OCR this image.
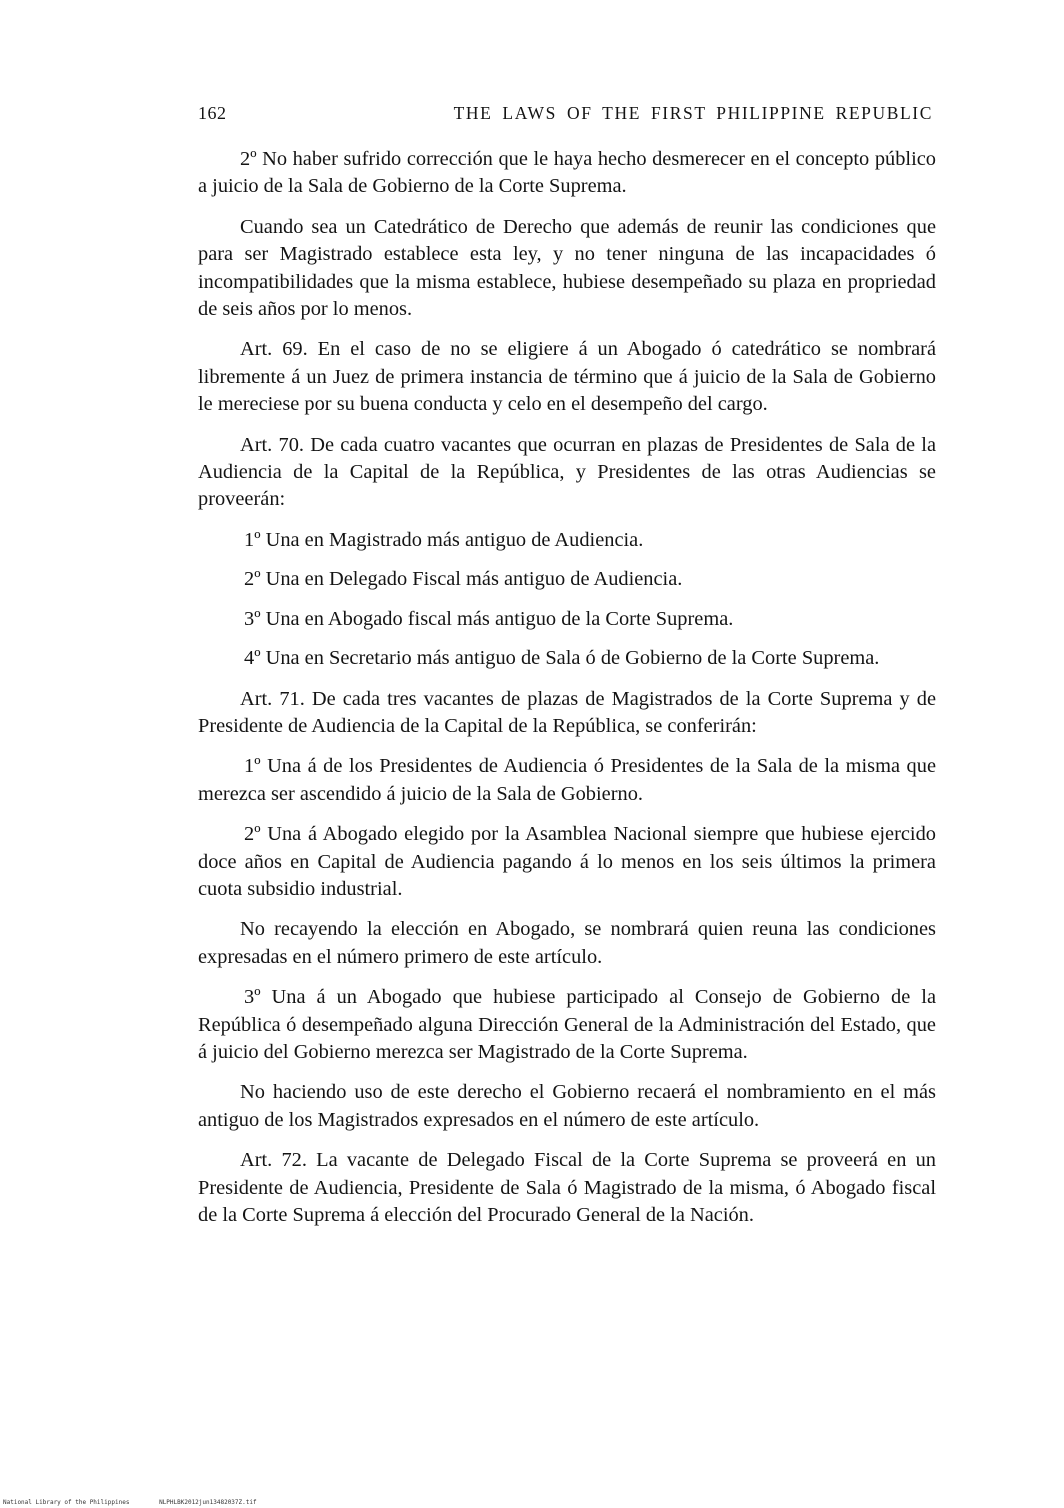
162	THE LAWS OF THE FIRST PHILIPPINE REPUBLIC

2º No haber sufrido corrección que le haya hecho desmerecer en el concepto público a juicio de la Sala de Gobierno de la Corte Suprema.

Cuando sea un Catedrático de Derecho que además de reunir las condiciones que para ser Magistrado establece esta ley, y no tener ninguna de las incapacidades ó incompatibilidades que la misma establece, hubiese desempeñado su plaza en propriedad de seis años por lo menos.

Art. 69. En el caso de no se eligiere á un Abogado ó catedrático se nombrará libremente á un Juez de primera instancia de término que á juicio de la Sala de Gobierno le mereciese por su buena conducta y celo en el desempeño del cargo.

Art. 70. De cada cuatro vacantes que ocurran en plazas de Presidentes de Sala de la Audiencia de la Capital de la República, y Presidentes de las otras Audiencias se proveerán:

1º Una en Magistrado más antiguo de Audiencia.

2º Una en Delegado Fiscal más antiguo de Audiencia.

3º Una en Abogado fiscal más antiguo de la Corte Suprema.

4º Una en Secretario más antiguo de Sala ó de Gobierno de la Corte Suprema.

Art. 71. De cada tres vacantes de plazas de Magistrados de la Corte Suprema y de Presidente de Audiencia de la Capital de la República, se conferirán:

1º Una á de los Presidentes de Audiencia ó Presidentes de la Sala de la misma que merezca ser ascendido á juicio de la Sala de Gobierno.

2º Una á Abogado elegido por la Asamblea Nacional siempre que hubiese ejercido doce años en Capital de Audiencia pagando á lo menos en los seis últimos la primera cuota subsidio industrial.

No recayendo la elección en Abogado, se nombrará quien reuna las condiciones expresadas en el número primero de este artículo.

3º Una á un Abogado que hubiese participado al Consejo de Gobierno de la República ó desempeñado alguna Dirección General de la Administración del Estado, que á juicio del Gobierno merezca ser Magistrado de la Corte Suprema.

No haciendo uso de este derecho el Gobierno recaerá el nombramiento en el más antiguo de los Magistrados expresados en el número de este artículo.

Art. 72. La vacante de Delegado Fiscal de la Corte Suprema se proveerá en un Presidente de Audiencia, Presidente de Sala ó Magistrado de la misma, ó Abogado fiscal de la Corte Suprema á elección del Procurado General de la Nación.

National Library of the Philippines	NLPHLBK2012jun13482037Z.tif
